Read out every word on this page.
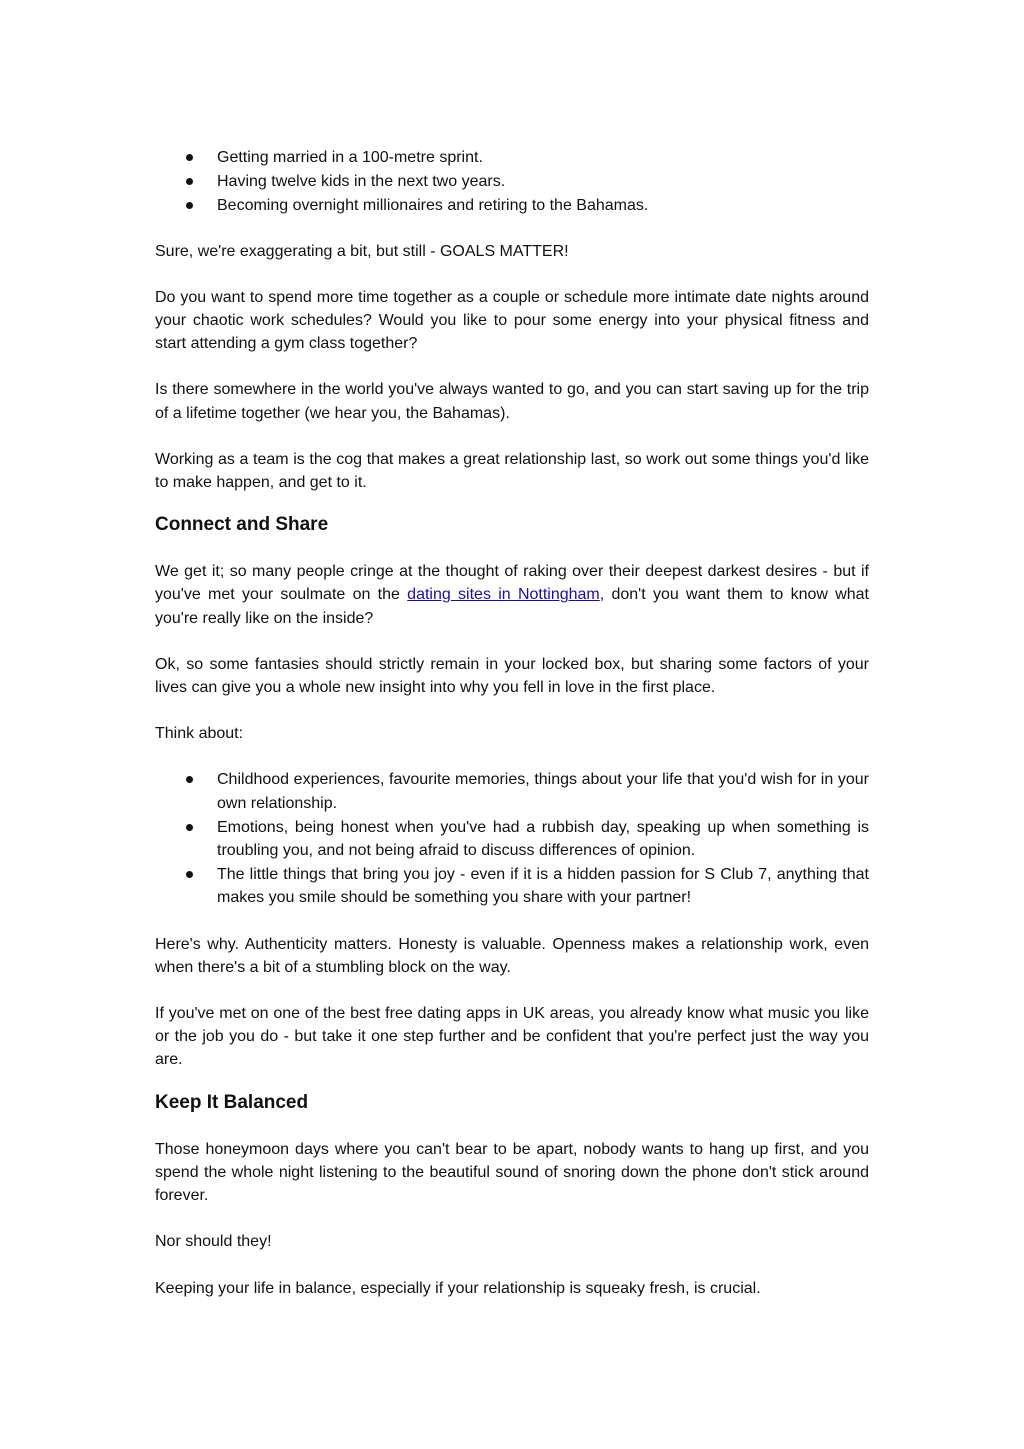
Getting married in a 100-metre sprint.
Having twelve kids in the next two years.
Becoming overnight millionaires and retiring to the Bahamas.

Sure, we're exaggerating a bit, but still - GOALS MATTER!

Do you want to spend more time together as a couple or schedule more intimate date nights around your chaotic work schedules? Would you like to pour some energy into your physical fitness and start attending a gym class together?

Is there somewhere in the world you've always wanted to go, and you can start saving up for the trip of a lifetime together (we hear you, the Bahamas).

Working as a team is the cog that makes a great relationship last, so work out some things you'd like to make happen, and get to it.

Connect and Share

We get it; so many people cringe at the thought of raking over their deepest darkest desires - but if you've met your soulmate on the dating sites in Nottingham, don't you want them to know what you're really like on the inside?

Ok, so some fantasies should strictly remain in your locked box, but sharing some factors of your lives can give you a whole new insight into why you fell in love in the first place.

Think about:

Childhood experiences, favourite memories, things about your life that you'd wish for in your own relationship.
Emotions, being honest when you've had a rubbish day, speaking up when something is troubling you, and not being afraid to discuss differences of opinion.
The little things that bring you joy - even if it is a hidden passion for S Club 7, anything that makes you smile should be something you share with your partner!

Here's why. Authenticity matters. Honesty is valuable. Openness makes a relationship work, even when there's a bit of a stumbling block on the way.

If you've met on one of the best free dating apps in UK areas, you already know what music you like or the job you do - but take it one step further and be confident that you're perfect just the way you are.

Keep It Balanced

Those honeymoon days where you can't bear to be apart, nobody wants to hang up first, and you spend the whole night listening to the beautiful sound of snoring down the phone don't stick around forever.

Nor should they!

Keeping your life in balance, especially if your relationship is squeaky fresh, is crucial.
